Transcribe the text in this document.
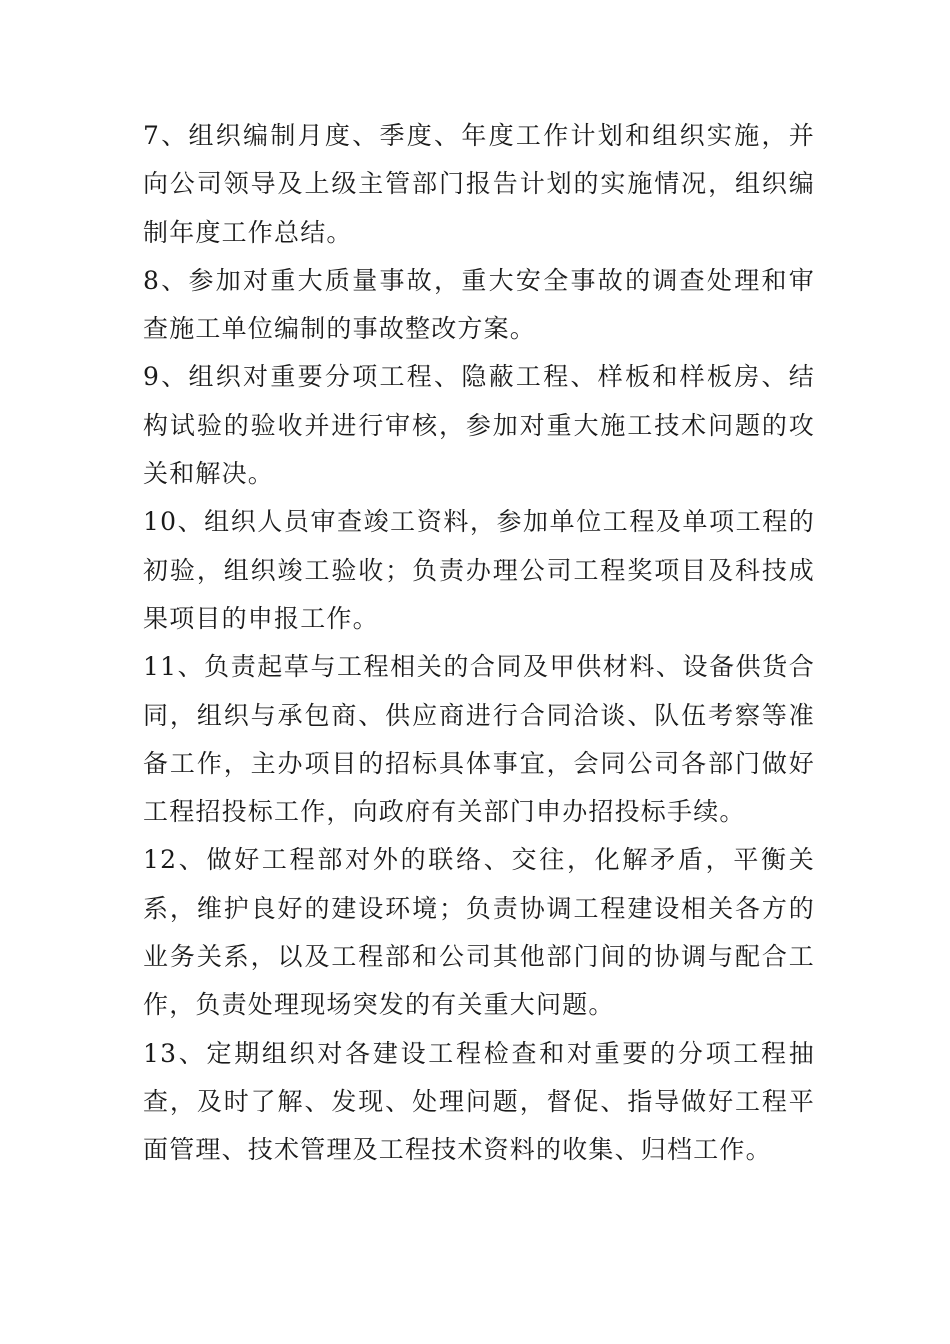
7、组织编制月度、季度、年度工作计划和组织实施，并向公司领导及上级主管部门报告计划的实施情况，组织编制年度工作总结。

8、参加对重大质量事故，重大安全事故的调查处理和审查施工单位编制的事故整改方案。

9、组织对重要分项工程、隐蔽工程、样板和样板房、结构试验的验收并进行审核，参加对重大施工技术问题的攻关和解决。

10、组织人员审查竣工资料，参加单位工程及单项工程的初验，组织竣工验收；负责办理公司工程奖项目及科技成果项目的申报工作。

11、负责起草与工程相关的合同及甲供材料、设备供货合同，组织与承包商、供应商进行合同洽谈、队伍考察等准备工作，主办项目的招标具体事宜，会同公司各部门做好工程招投标工作，向政府有关部门申办招投标手续。

12、做好工程部对外的联络、交往，化解矛盾，平衡关系，维护良好的建设环境；负责协调工程建设相关各方的业务关系，以及工程部和公司其他部门间的协调与配合工作，负责处理现场突发的有关重大问题。

13、定期组织对各建设工程检查和对重要的分项工程抽查，及时了解、发现、处理问题，督促、指导做好工程平面管理、技术管理及工程技术资料的收集、归档工作。
